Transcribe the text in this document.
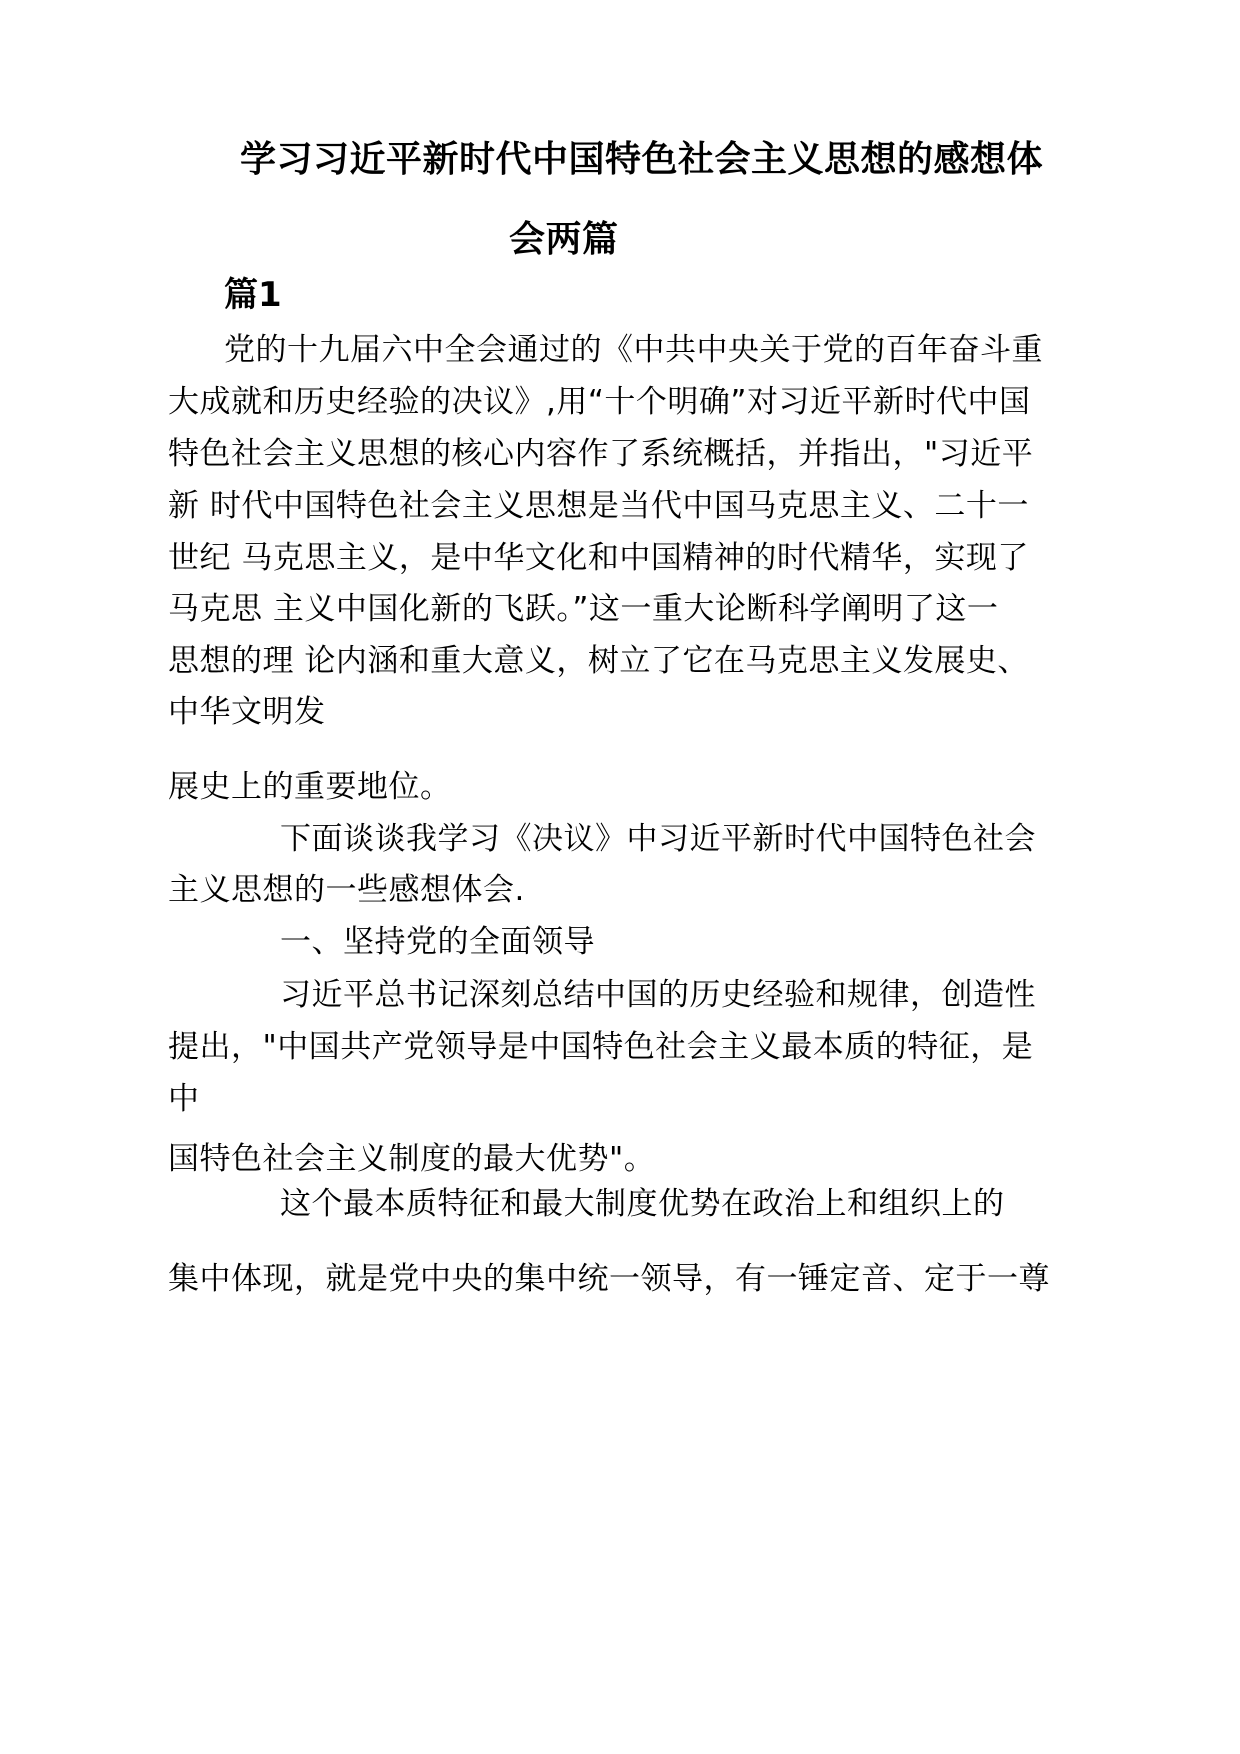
学习习近平新时代中国特色社会主义思想的感想体
会两篇
篇1
党的十九届六中全会通过的《中共中央关于党的百年奋斗重
大成就和历史经验的决议》,用“十个明确”对习近平新时代中国
特色社会主义思想的核心内容作了系统概括，并指出，"习近平
新 时代中国特色社会主义思想是当代中国马克思主义、二十一
世纪 马克思主义，是中华文化和中国精神的时代精华，实现了
马克思 主义中国化新的飞跃。”这一重大论断科学阐明了这一
思想的理 论内涵和重大意义，树立了它在马克思主义发展史、
中华文明发
展史上的重要地位。
下面谈谈我学习《决议》中习近平新时代中国特色社会
主义思想的一些感想体会.
一、坚持党的全面领导
习近平总书记深刻总结中国的历史经验和规律，创造性
提出，"中国共产党领导是中国特色社会主义最本质的特征，是
中
国特色社会主义制度的最大优势"。
这个最本质特征和最大制度优势在政治上和组织上的
集中体现，就是党中央的集中统一领导，有一锤定音、定于一尊
